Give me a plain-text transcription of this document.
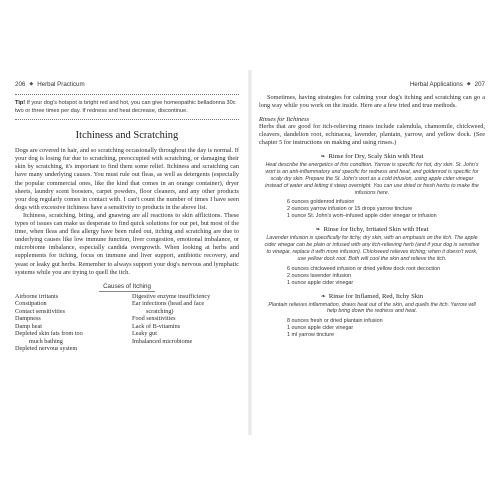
206 ◆ Herbal Practicum
Tip! If your dog's hotspot is bright red and hot, you can give homeopathic belladonna 30c two or three times per day. If redness and heat decrease, discontinue.
Itchiness and Scratching

Dogs are covered in hair, and so scratching occasionally throughout the day is normal. If your dog is losing fur due to scratching, preoccupied with scratching, or damaging their skin by scratching, it's important to find them some relief. Itchiness and scratching can have many underlying causes. You must rule out fleas, as well as detergents (especially the popular commercial ones, like the kind that comes in an orange container), dryer sheets, laundry scent boosters, carpet powders, floor cleaners, and any other products your dog regularly comes in contact with. I can't count the number of times I have seen dogs with excessive itchiness have a sensitivity to products in the above list.

Itchiness, scratching, biting, and gnawing are all reactions to skin afflictions. These types of issues can make us desperate to find quick solutions for our pet, but most of the time, when fleas and flea allergy have been ruled out, itching and scratching are due to underlying causes like low immune function, liver congestion, emotional imbalance, or microbiome imbalance, especially candida overgrowth. When looking at herbs and supplements for itching, focus on immune and liver support, antibiotic recovery, and yeast or leaky gut herbs. Remember to always support your dog's nervous and lymphatic systems while you are trying to quell the itch.

Causes of Itching
Airborne irritants
Constipation
Contact sensitivities
Dampness
Damp heat
Depleted skin fats from too
much bathing
Depleted nervous system
Digestive enzyme insufficiency
Ear infections (head and face
scratching)
Food sensitivities
Lack of B-vitamins
Leaky gut
Imbalanced microbiome
Herbal Applications ◆ 207

Sometimes, having strategies for calming your dog's itching and scratching can go a long way while you work on the inside. Here are a few tried and true methods.

Rinses for Itchiness

Herbs that are good for itch-relieving rinses include calendula, chamomile, chickweed, cleavers, dandelion root, echinacea, lavender, plantain, yarrow, and yellow dock. (See chapter 5 for instructions on making and using rinses.)

❧ Rinse for Dry, Scaly Skin with Heat

Heat describe the energetics of this condition. Yarrow is specific for hot, dry skin. St. John's wort is an anti-inflammatory and specific for redness and heat, and goldenrod is specific for scaly dry skin. Prepare the St. John's wort as a cold infusion, using apple cider vinegar instead of water and letting it steep overnight. You can use dried or fresh herbs to make the infusions here.

6 ounces goldenrod infusion
2 ounces yarrow infusion or 15 drops yarrow tincture
1 ounce St. John's wort–infused apple cider vinegar or infusion
❧ Rinse for Itchy, Irritated Skin with Heat

Lavender infusion is specifically for itchy, dry skin, with an emphasis on the itch. The apple cider vinegar can be plain or infused with any itch-relieving herb (and if your dog is sensitive to vinegar, replace it with more infusion). Chickweed relieves itching; when it doesn't work, use yellow dock root. Both will cool the skin and relieve the itch.

6 ounces chickweed infusion or dried yellow dock root decoction
2 ounces lavender infusion
1 ounce apple cider vinegar
❧ Rinse for Inflamed, Red, Itchy Skin

Plantain relieves inflammation, draws heat out of the skin, and quells the itch. Yarrow will help bring down the redness and heat.

8 ounces fresh or dried plantain infusion
1 ounce apple cider vinegar
1 ml yarrow tincture
